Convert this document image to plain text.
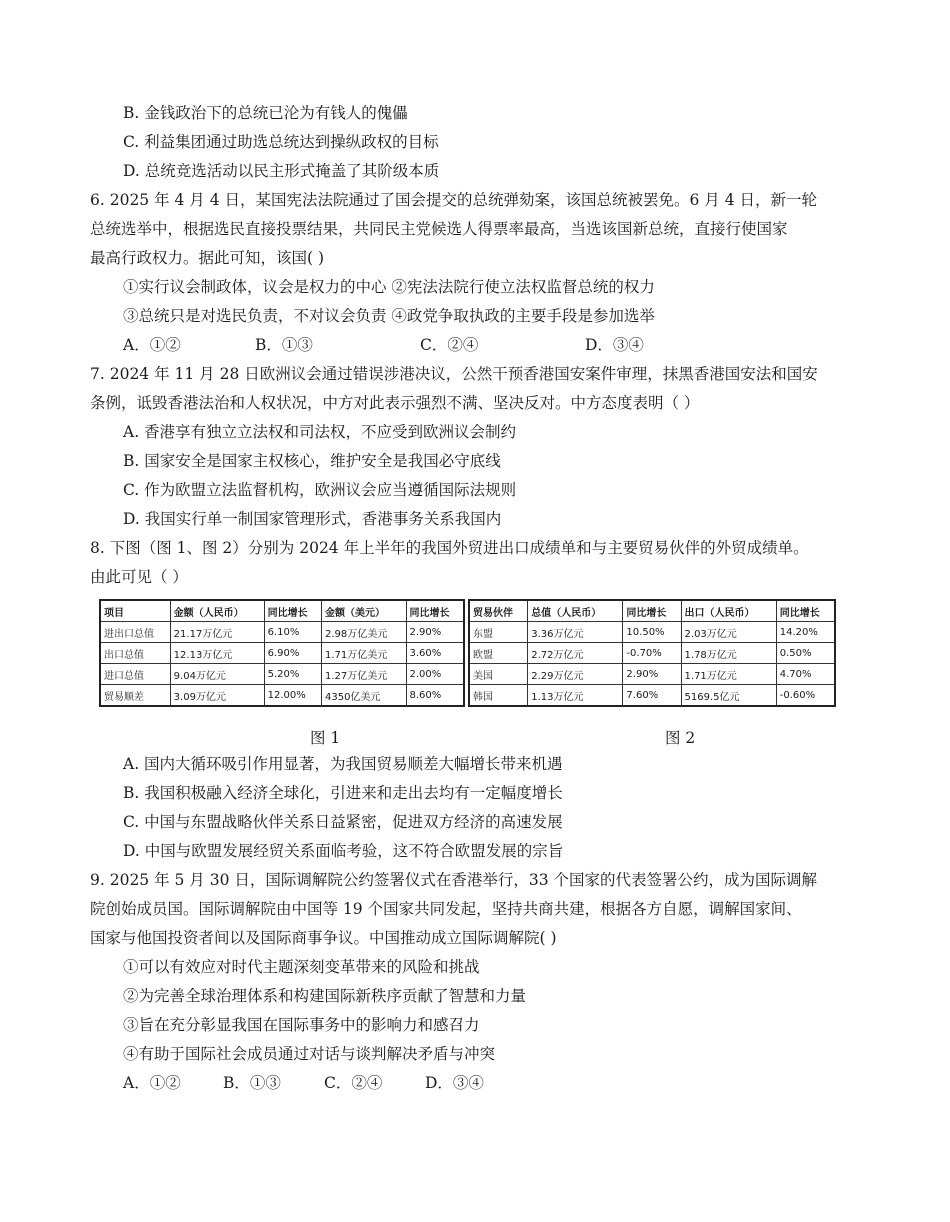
B. 金钱政治下的总统已沦为有钱人的傀儡
C. 利益集团通过助选总统达到操纵政权的目标
D. 总统竞选活动以民主形式掩盖了其阶级本质
6. 2025 年 4 月 4 日，某国宪法法院通过了国会提交的总统弹劾案，该国总统被罢免。6 月 4 日，新一轮
总统选举中，根据选民直接投票结果，共同民主党候选人得票率最高，当选该国新总统，直接行使国家
最高行政权力。据此可知，该国( )
①实行议会制政体，议会是权力的中心 ②宪法法院行使立法权监督总统的权力
③总统只是对选民负责，不对议会负责 ④政党争取执政的主要手段是参加选举
A．①②	B．①③	C．②④	D．③④
7. 2024 年 11 月 28 日欧洲议会通过错误涉港决议，公然干预香港国安案件审理，抹黑香港国安法和国安
条例，诋毁香港法治和人权状况，中方对此表示强烈不满、坚决反对。中方态度表明（ ）
A. 香港享有独立立法权和司法权，不应受到欧洲议会制约
B. 国家安全是国家主权核心，维护安全是我国必守底线
C. 作为欧盟立法监督机构，欧洲议会应当遵循国际法规则
D. 我国实行单一制国家管理形式，香港事务关系我国内
8. 下图（图 1、图 2）分别为 2024 年上半年的我国外贸进出口成绩单和与主要贸易伙伴的外贸成绩单。
由此可见（ ）
项目	金额（人民币）	同比增长	金额（美元）	同比增长
进出口总值	21.17万亿元	6.10%	2.98万亿美元	2.90%
出口总值	12.13万亿元	6.90%	1.71万亿美元	3.60%
进口总值	9.04万亿元	5.20%	1.27万亿美元	2.00%
贸易顺差	3.09万亿元	12.00%	4350亿美元	8.60%
贸易伙伴	总值（人民币）	同比增长	出口（人民币）	同比增长
东盟	3.36万亿元	10.50%	2.03万亿元	14.20%
欧盟	2.72万亿元	-0.70%	1.78万亿元	0.50%
美国	2.29万亿元	2.90%	1.71万亿元	4.70%
韩国	1.13万亿元	7.60%	5169.5亿元	-0.60%
图 1	图 2
A. 国内大循环吸引作用显著，为我国贸易顺差大幅增长带来机遇
B. 我国积极融入经济全球化，引进来和走出去均有一定幅度增长
C. 中国与东盟战略伙伴关系日益紧密，促进双方经济的高速发展
D. 中国与欧盟发展经贸关系面临考验，这不符合欧盟发展的宗旨
9. 2025 年 5 月 30 日，国际调解院公约签署仪式在香港举行，33 个国家的代表签署公约，成为国际调解
院创始成员国。国际调解院由中国等 19 个国家共同发起，坚持共商共建，根据各方自愿，调解国家间、
国家与他国投资者间以及国际商事争议。中国推动成立国际调解院( )
①可以有效应对时代主题深刻变革带来的风险和挑战
②为完善全球治理体系和构建国际新秩序贡献了智慧和力量
③旨在充分彰显我国在国际事务中的影响力和感召力
④有助于国际社会成员通过对话与谈判解决矛盾与冲突
A．①②	B．①③	C．②④	D．③④
